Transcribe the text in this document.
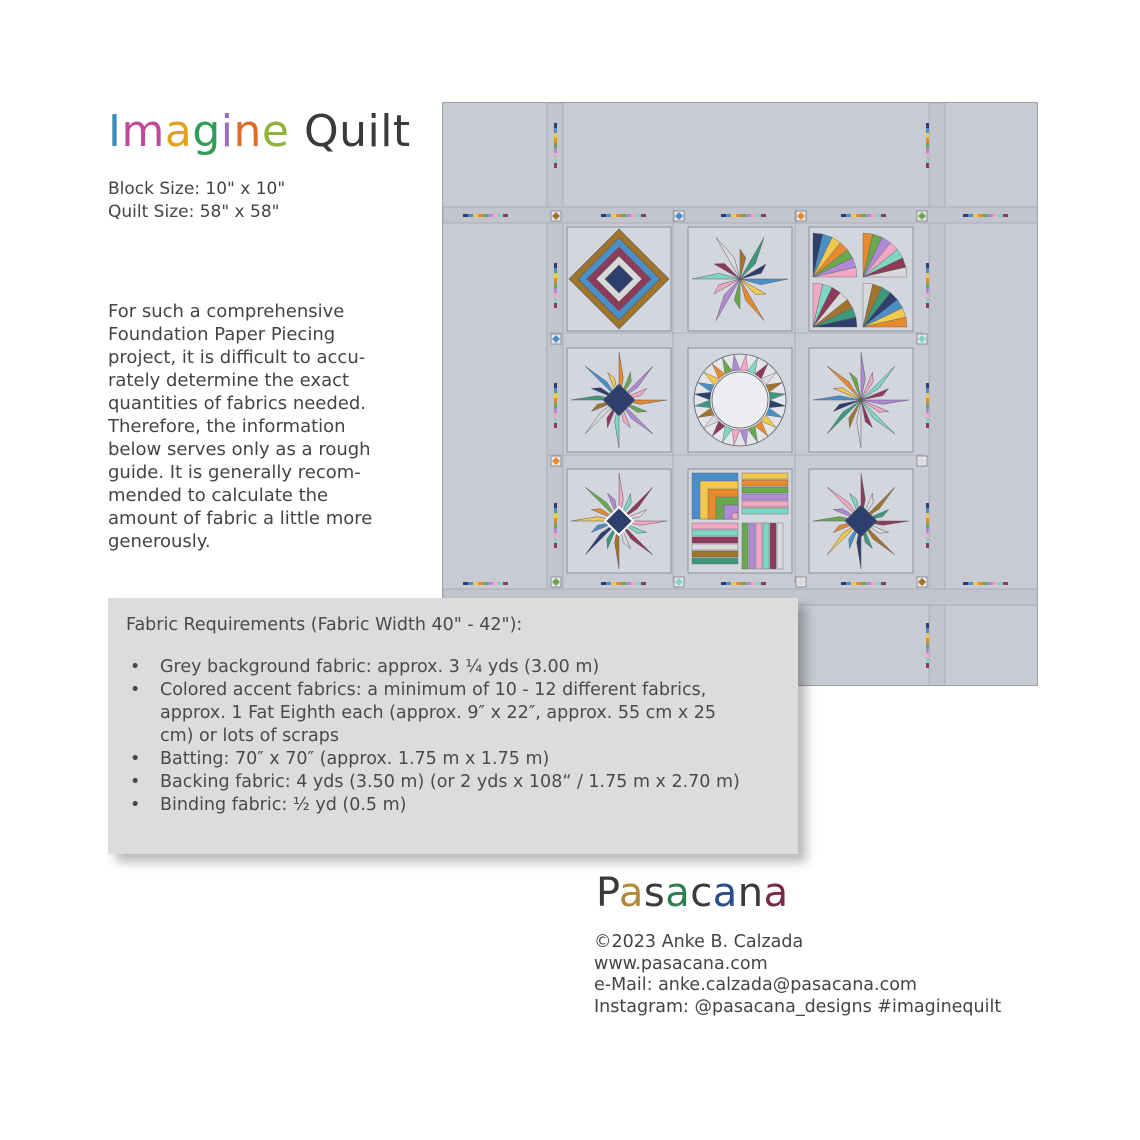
Imagine Quilt
Block Size: 10" x 10"
Quilt Size: 58" x 58"

For such a comprehensive
Foundation Paper Piecing
project, it is difficult to accu-
rately determine the exact
quantities of fabrics needed.
Therefore, the information
below serves only as a rough
guide. It is generally recom-
mended to calculate the
amount of fabric a little more
generously.

Fabric Requirements (Fabric Width 40" - 42"):

• Grey background fabric: approx. 3 ¼ yds (3.00 m)
• Colored accent fabrics: a minimum of 10 - 12 different fabrics,
approx. 1 Fat Eighth each (approx. 9″ x 22″, approx. 55 cm x 25
cm) or lots of scraps
• Batting: 70″ x 70″ (approx. 1.75 m x 1.75 m)
• Backing fabric: 4 yds (3.50 m) (or 2 yds x 108“ / 1.75 m x 2.70 m)
• Binding fabric: ½ yd (0.5 m)
Pasacana
©2023 Anke B. Calzada
www.pasacana.com
e-Mail: anke.calzada@pasacana.com
Instagram: @pasacana_designs #imaginequilt
